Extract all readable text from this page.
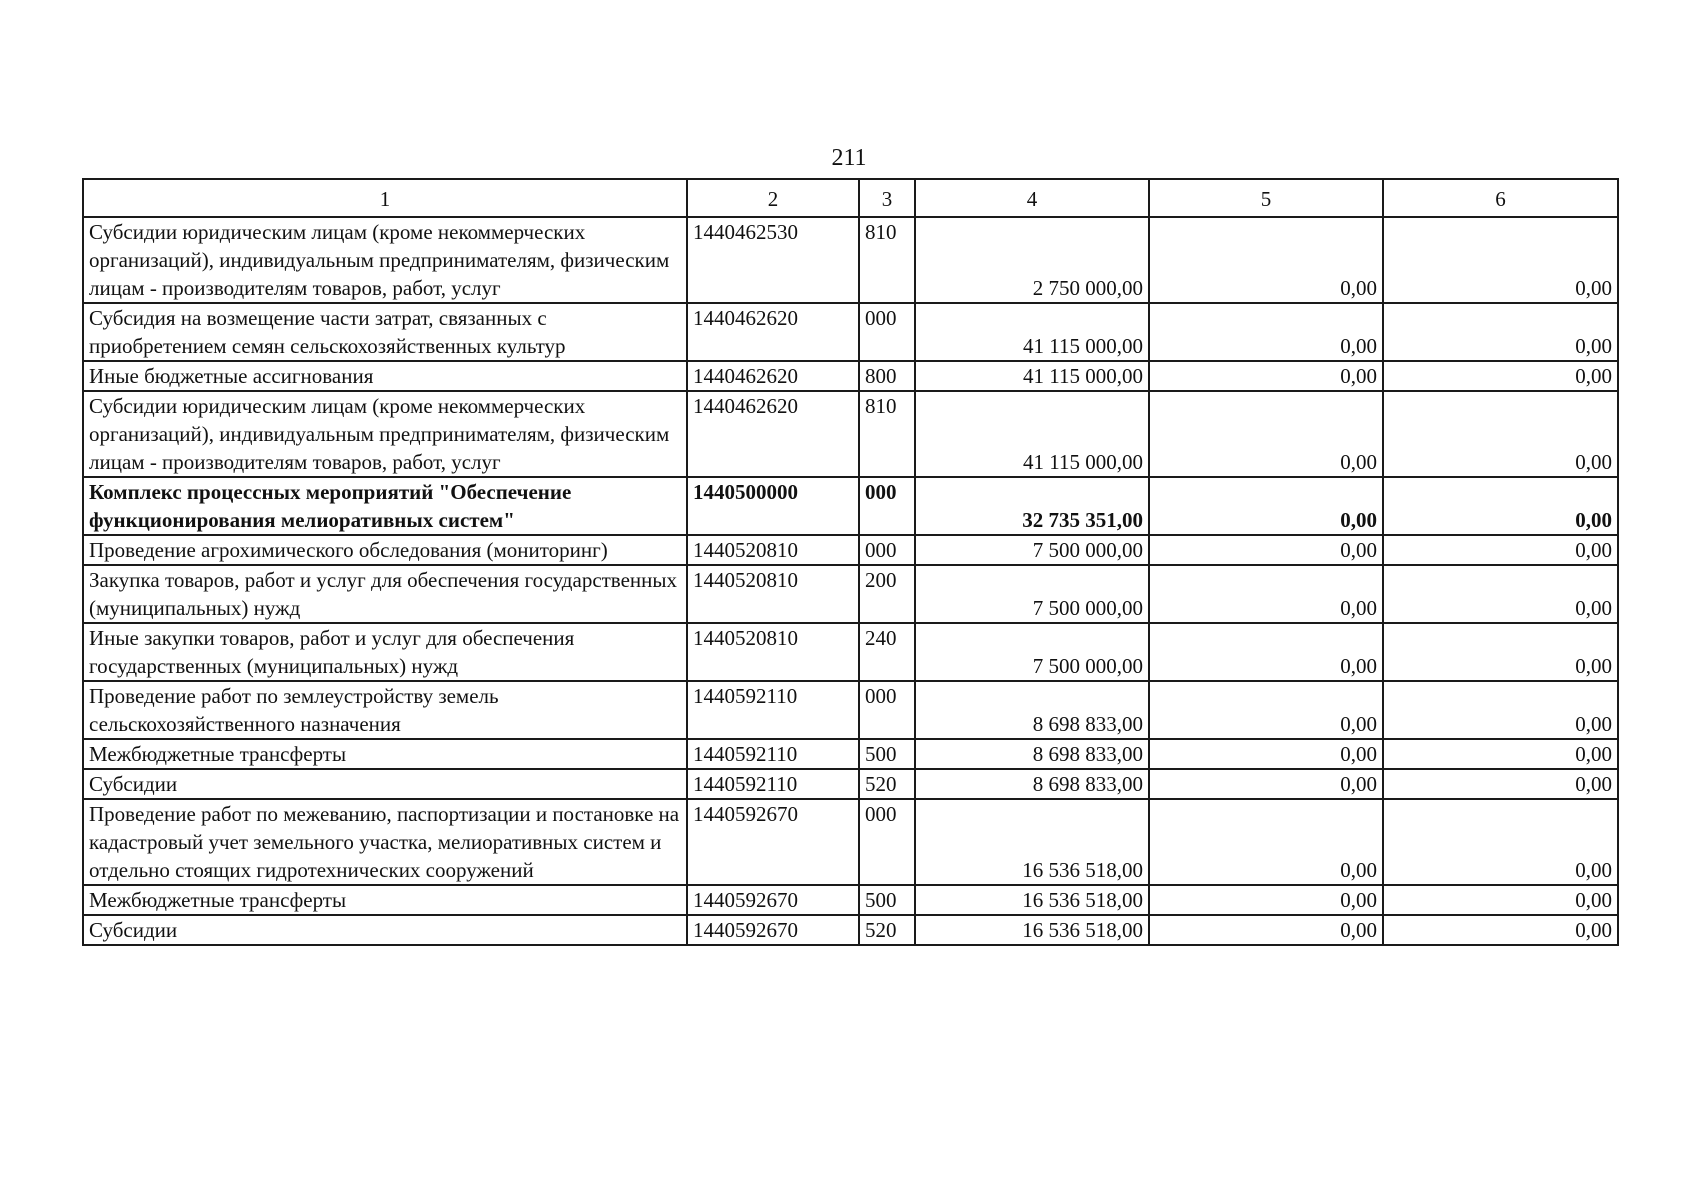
211
1	2	3	4	5	6
Субсидии юридическим лицам (кроме некоммерческих организаций), индивидуальным предпринимателям, физическим лицам - производителям товаров, работ, услуг	1440462530	810	2 750 000,00	0,00	0,00
Субсидия на возмещение части затрат, связанных с приобретением семян сельскохозяйственных культур	1440462620	000	41 115 000,00	0,00	0,00
Иные бюджетные ассигнования	1440462620	800	41 115 000,00	0,00	0,00
Субсидии юридическим лицам (кроме некоммерческих организаций), индивидуальным предпринимателям, физическим лицам - производителям товаров, работ, услуг	1440462620	810	41 115 000,00	0,00	0,00
Комплекс процессных мероприятий "Обеспечение функционирования мелиоративных систем"	1440500000	000	32 735 351,00	0,00	0,00
Проведение агрохимического обследования (мониторинг)	1440520810	000	7 500 000,00	0,00	0,00
Закупка товаров, работ и услуг для обеспечения государственных (муниципальных) нужд	1440520810	200	7 500 000,00	0,00	0,00
Иные закупки товаров, работ и услуг для обеспечения государственных (муниципальных) нужд	1440520810	240	7 500 000,00	0,00	0,00
Проведение работ по землеустройству земель сельскохозяйственного назначения	1440592110	000	8 698 833,00	0,00	0,00
Межбюджетные трансферты	1440592110	500	8 698 833,00	0,00	0,00
Субсидии	1440592110	520	8 698 833,00	0,00	0,00
Проведение работ по межеванию, паспортизации и постановке на кадастровый учет земельного участка, мелиоративных систем и отдельно стоящих гидротехнических сооружений	1440592670	000	16 536 518,00	0,00	0,00
Межбюджетные трансферты	1440592670	500	16 536 518,00	0,00	0,00
Субсидии	1440592670	520	16 536 518,00	0,00	0,00
